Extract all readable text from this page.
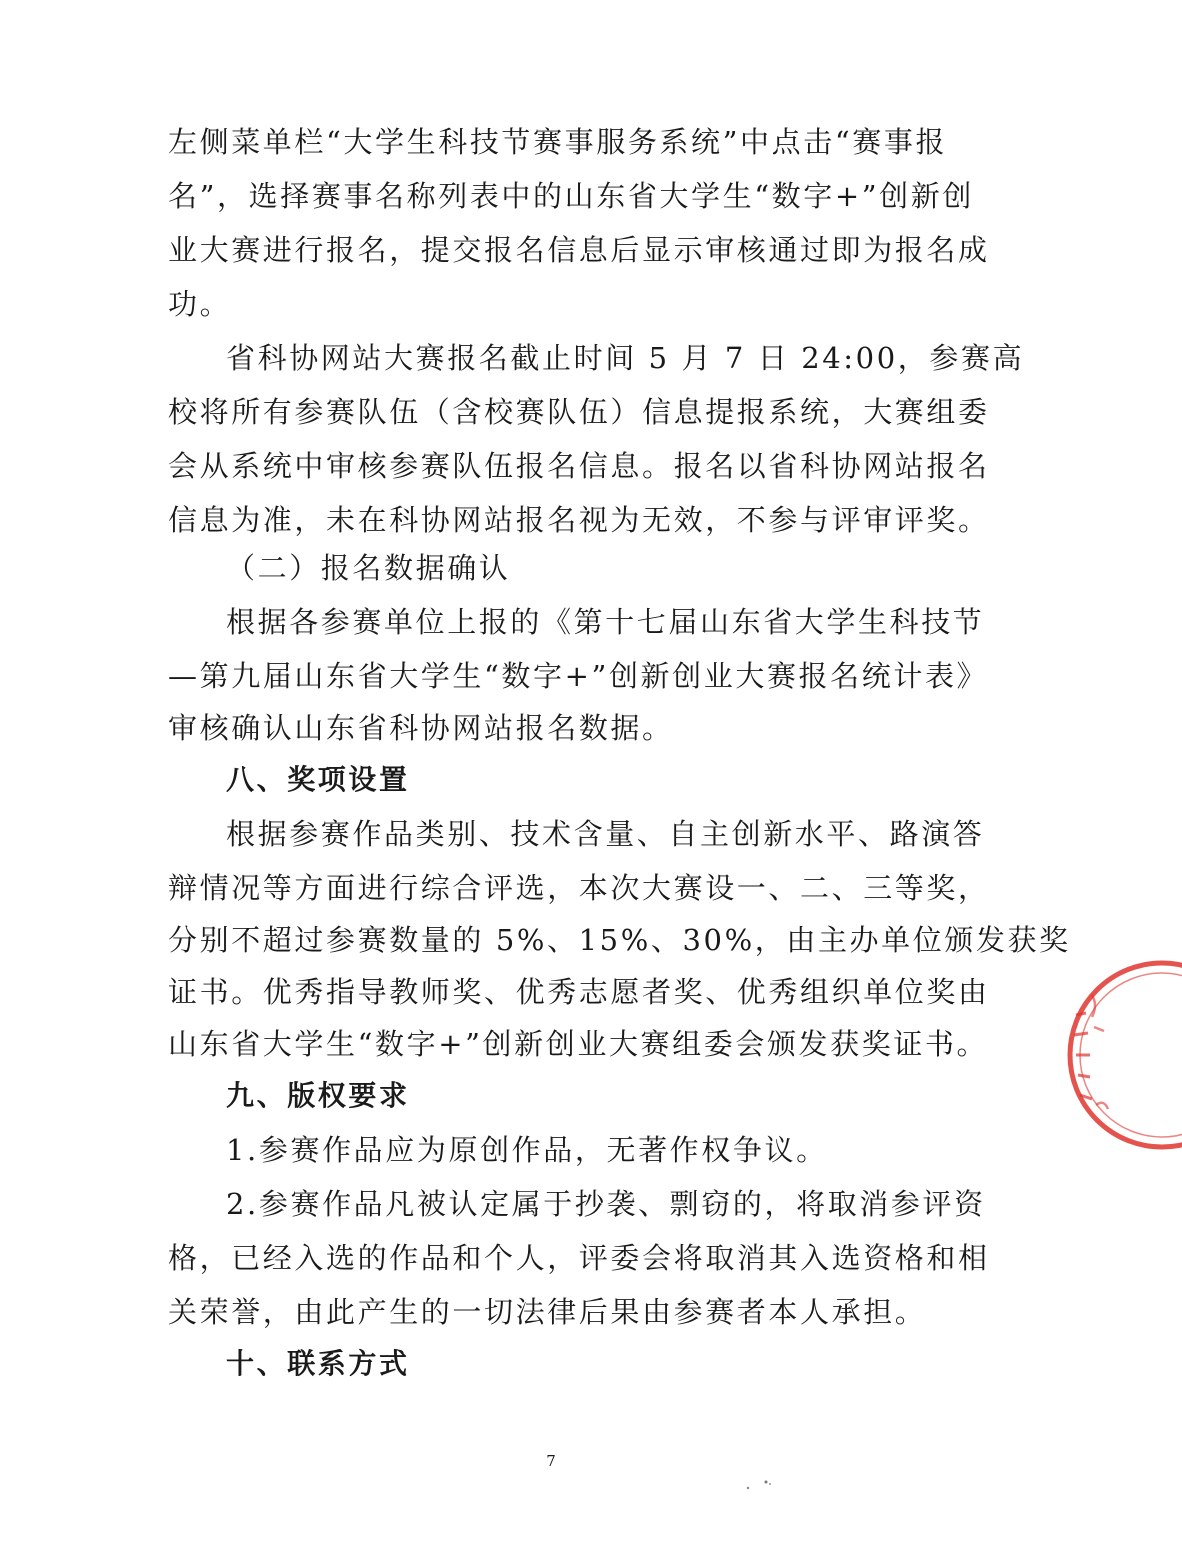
左侧菜单栏“大学生科技节赛事服务系统”中点击“赛事报
名”，选择赛事名称列表中的山东省大学生“数字+”创新创
业大赛进行报名，提交报名信息后显示审核通过即为报名成
功。
省科协网站大赛报名截止时间 5 月 7 日 24:00，参赛高
校将所有参赛队伍（含校赛队伍）信息提报系统，大赛组委
会从系统中审核参赛队伍报名信息。报名以省科协网站报名
信息为准，未在科协网站报名视为无效，不参与评审评奖。
（二）报名数据确认
根据各参赛单位上报的《第十七届山东省大学生科技节
—第九届山东省大学生“数字+”创新创业大赛报名统计表》
审核确认山东省科协网站报名数据。
八、奖项设置
根据参赛作品类别、技术含量、自主创新水平、路演答
辩情况等方面进行综合评选，本次大赛设一、二、三等奖，
分别不超过参赛数量的 5%、15%、30%，由主办单位颁发获奖
证书。优秀指导教师奖、优秀志愿者奖、优秀组织单位奖由
山东省大学生“数字+”创新创业大赛组委会颁发获奖证书。
九、版权要求
1.参赛作品应为原创作品，无著作权争议。
2.参赛作品凡被认定属于抄袭、剽窃的，将取消参评资
格，已经入选的作品和个人，评委会将取消其入选资格和相
关荣誉，由此产生的一切法律后果由参赛者本人承担。
十、联系方式
7
